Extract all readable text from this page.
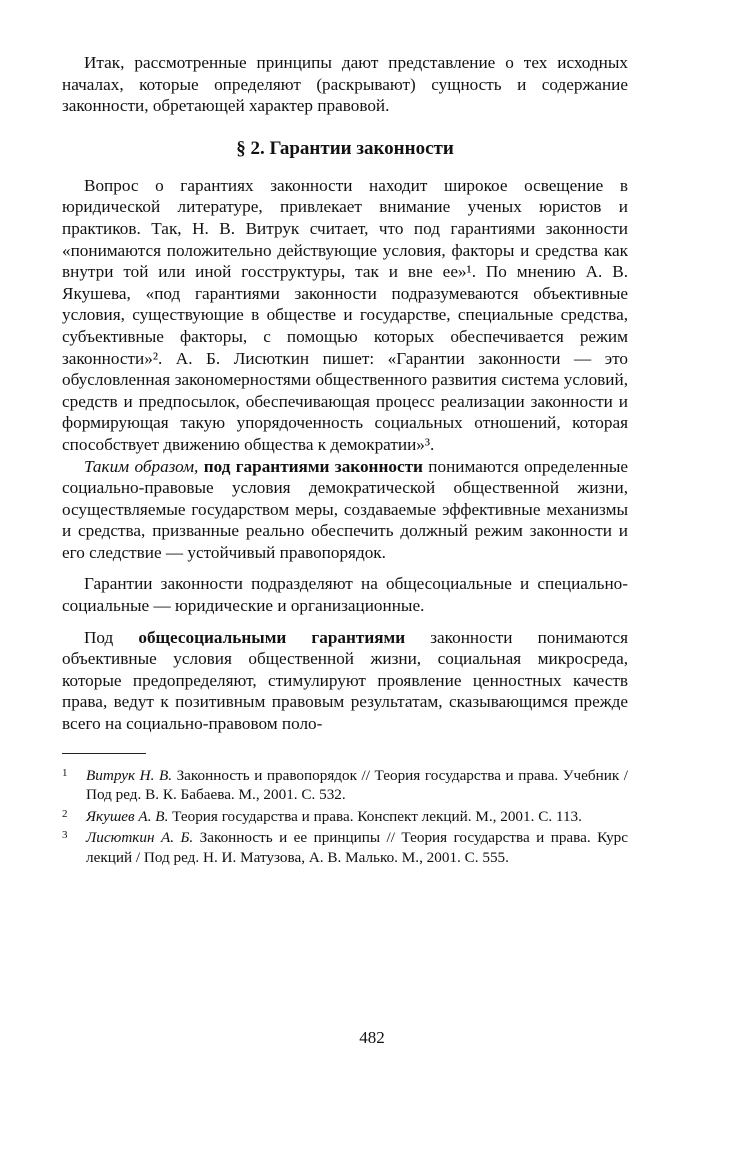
Итак, рассмотренные принципы дают представление о тех исходных началах, которые определяют (раскрывают) сущность и содержание законности, обретающей характер правовой.

§ 2. Гарантии законности

Вопрос о гарантиях законности находит широкое освещение в юридической литературе, привлекает внимание ученых юристов и практиков. Так, Н. В. Витрук считает, что под гарантиями законности «понимаются положительно действующие условия, факторы и средства как внутри той или иной госструктуры, так и вне ее»¹. По мнению А. В. Якушева, «под гарантиями законности подразумеваются объективные условия, существующие в обществе и государстве, специальные средства, субъективные факторы, с помощью которых обеспечивается режим законности»². А. Б. Лисюткин пишет: «Гарантии законности — это обусловленная закономерностями общественного развития система условий, средств и предпосылок, обеспечивающая процесс реализации законности и формирующая такую упорядоченность социальных отношений, которая способствует движению общества к демократии»³.

Таким образом, под гарантиями законности понимаются определенные социально-правовые условия демократической общественной жизни, осуществляемые государством меры, создаваемые эффективные механизмы и средства, призванные реально обеспечить должный режим законности и его следствие — устойчивый правопорядок.

Гарантии законности подразделяют на общесоциальные и специально-социальные — юридические и организационные.

Под общесоциальными гарантиями законности понимаются объективные условия общественной жизни, социальная микросреда, которые предопределяют, стимулируют проявление ценностных качеств права, ведут к позитивным правовым результатам, сказывающимся прежде всего на социально-правовом поло-

1 Витрук Н. В. Законность и правопорядок // Теория государства и права. Учебник / Под ред. В. К. Бабаева. М., 2001. С. 532.
2 Якушев А. В. Теория государства и права. Конспект лекций. М., 2001. С. 113.
3 Лисюткин А. Б. Законность и ее принципы // Теория государства и права. Курс лекций / Под ред. Н. И. Матузова, А. В. Малько. М., 2001. С. 555.
482
